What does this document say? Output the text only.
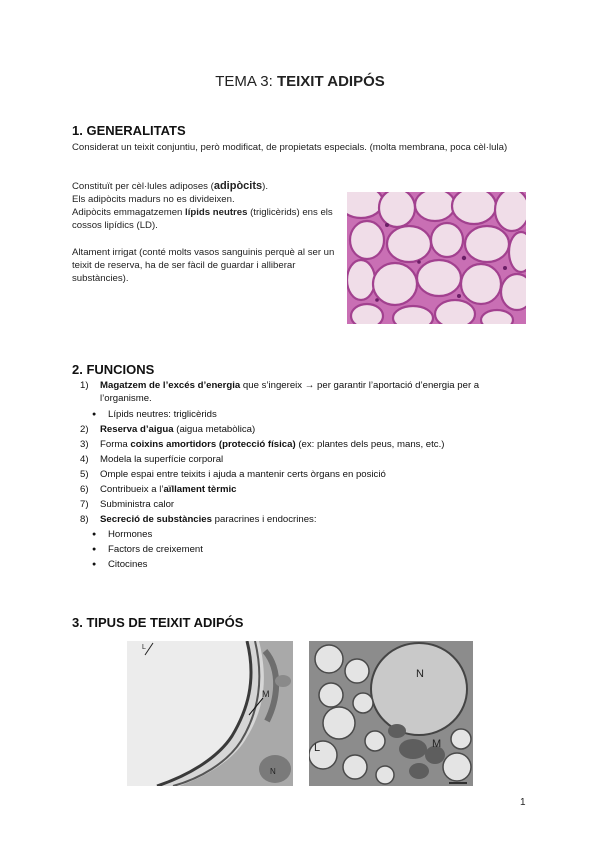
TEMA 3: TEIXIT ADIPÓS
1. GENERALITATS
Considerat un teixit conjuntiu, però modificat, de propietats especials. (molta membrana, poca cèl·lula)
Constituït per cèl·lules adiposes (adipòcits).
Els adipòcits madurs no es divideixen.
Adipòcits emmagatzemen lípids neutres (triglicèrids) ens els cossos lipídics (LD).
Altament irrigat (conté molts vasos sanguinis perquè al ser un teixit de reserva, ha de ser fàcil de guardar i alliberar substàncies).
2. FUNCIONS
1) Magatzem de l’excés d’energia que s’ingereix → per garantir l’aportació d’energia per a l’organisme.
● Lípids neutres: triglicèrids
2) Reserva d’aigua (aigua metabòlica)
3) Forma coixins amortidors (protecció física) (ex: plantes dels peus, mans, etc.)
4) Modela la superfície corporal
5) Omple espai entre teixits i ajuda a mantenir certs òrgans en posició
6) Contribueix a l’aïllament tèrmic
7) Subministra calor
8) Secreció de substàncies paracrines i endocrines:
● Hormones
● Factors de creixement
● Citocines
3. TIPUS DE TEIXIT ADIPÓS
M
N
L
N
L	M
1
